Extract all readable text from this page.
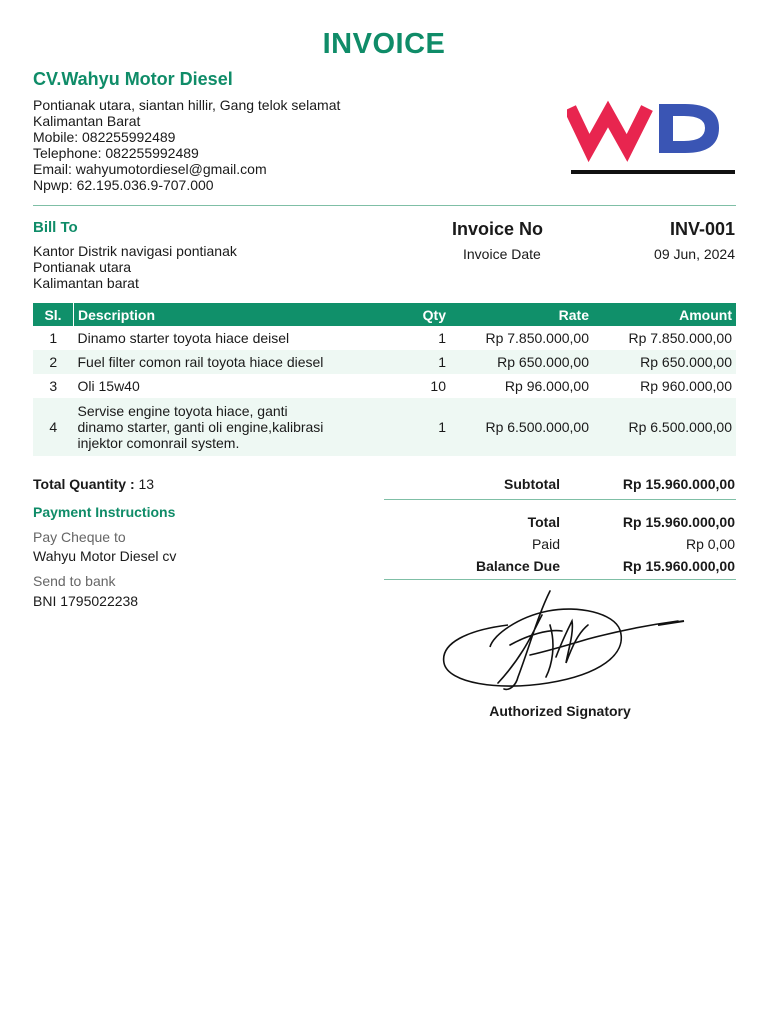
INVOICE
CV.Wahyu Motor Diesel
Pontianak utara, siantan hillir, Gang telok selamat
Kalimantan Barat
Mobile: 082255992489
Telephone: 082255992489
Email: wahyumotordiesel@gmail.com
Npwp: 62.195.036.9-707.000
Bill To
Kantor Distrik navigasi pontianak
Pontianak utara
Kalimantan barat
Invoice No	INV-001
Invoice Date	09 Jun, 2024
Sl.	Description	Qty	Rate	Amount
1	Dinamo starter toyota hiace deisel	1	Rp 7.850.000,00	Rp 7.850.000,00
2	Fuel filter comon rail toyota hiace diesel	1	Rp 650.000,00	Rp 650.000,00
3	Oli 15w40	10	Rp 96.000,00	Rp 960.000,00
4	Servise engine toyota hiace, ganti
dinamo starter, ganti oli engine,kalibrasi
injektor comonrail system.	1	Rp 6.500.000,00	Rp 6.500.000,00
Total Quantity : 13	Subtotal	Rp 15.960.000,00
Total	Rp 15.960.000,00
Paid	Rp 0,00
Balance Due	Rp 15.960.000,00
Payment Instructions
Pay Cheque to
Wahyu Motor Diesel cv
Send to bank
BNI 1795022238
Authorized Signatory
